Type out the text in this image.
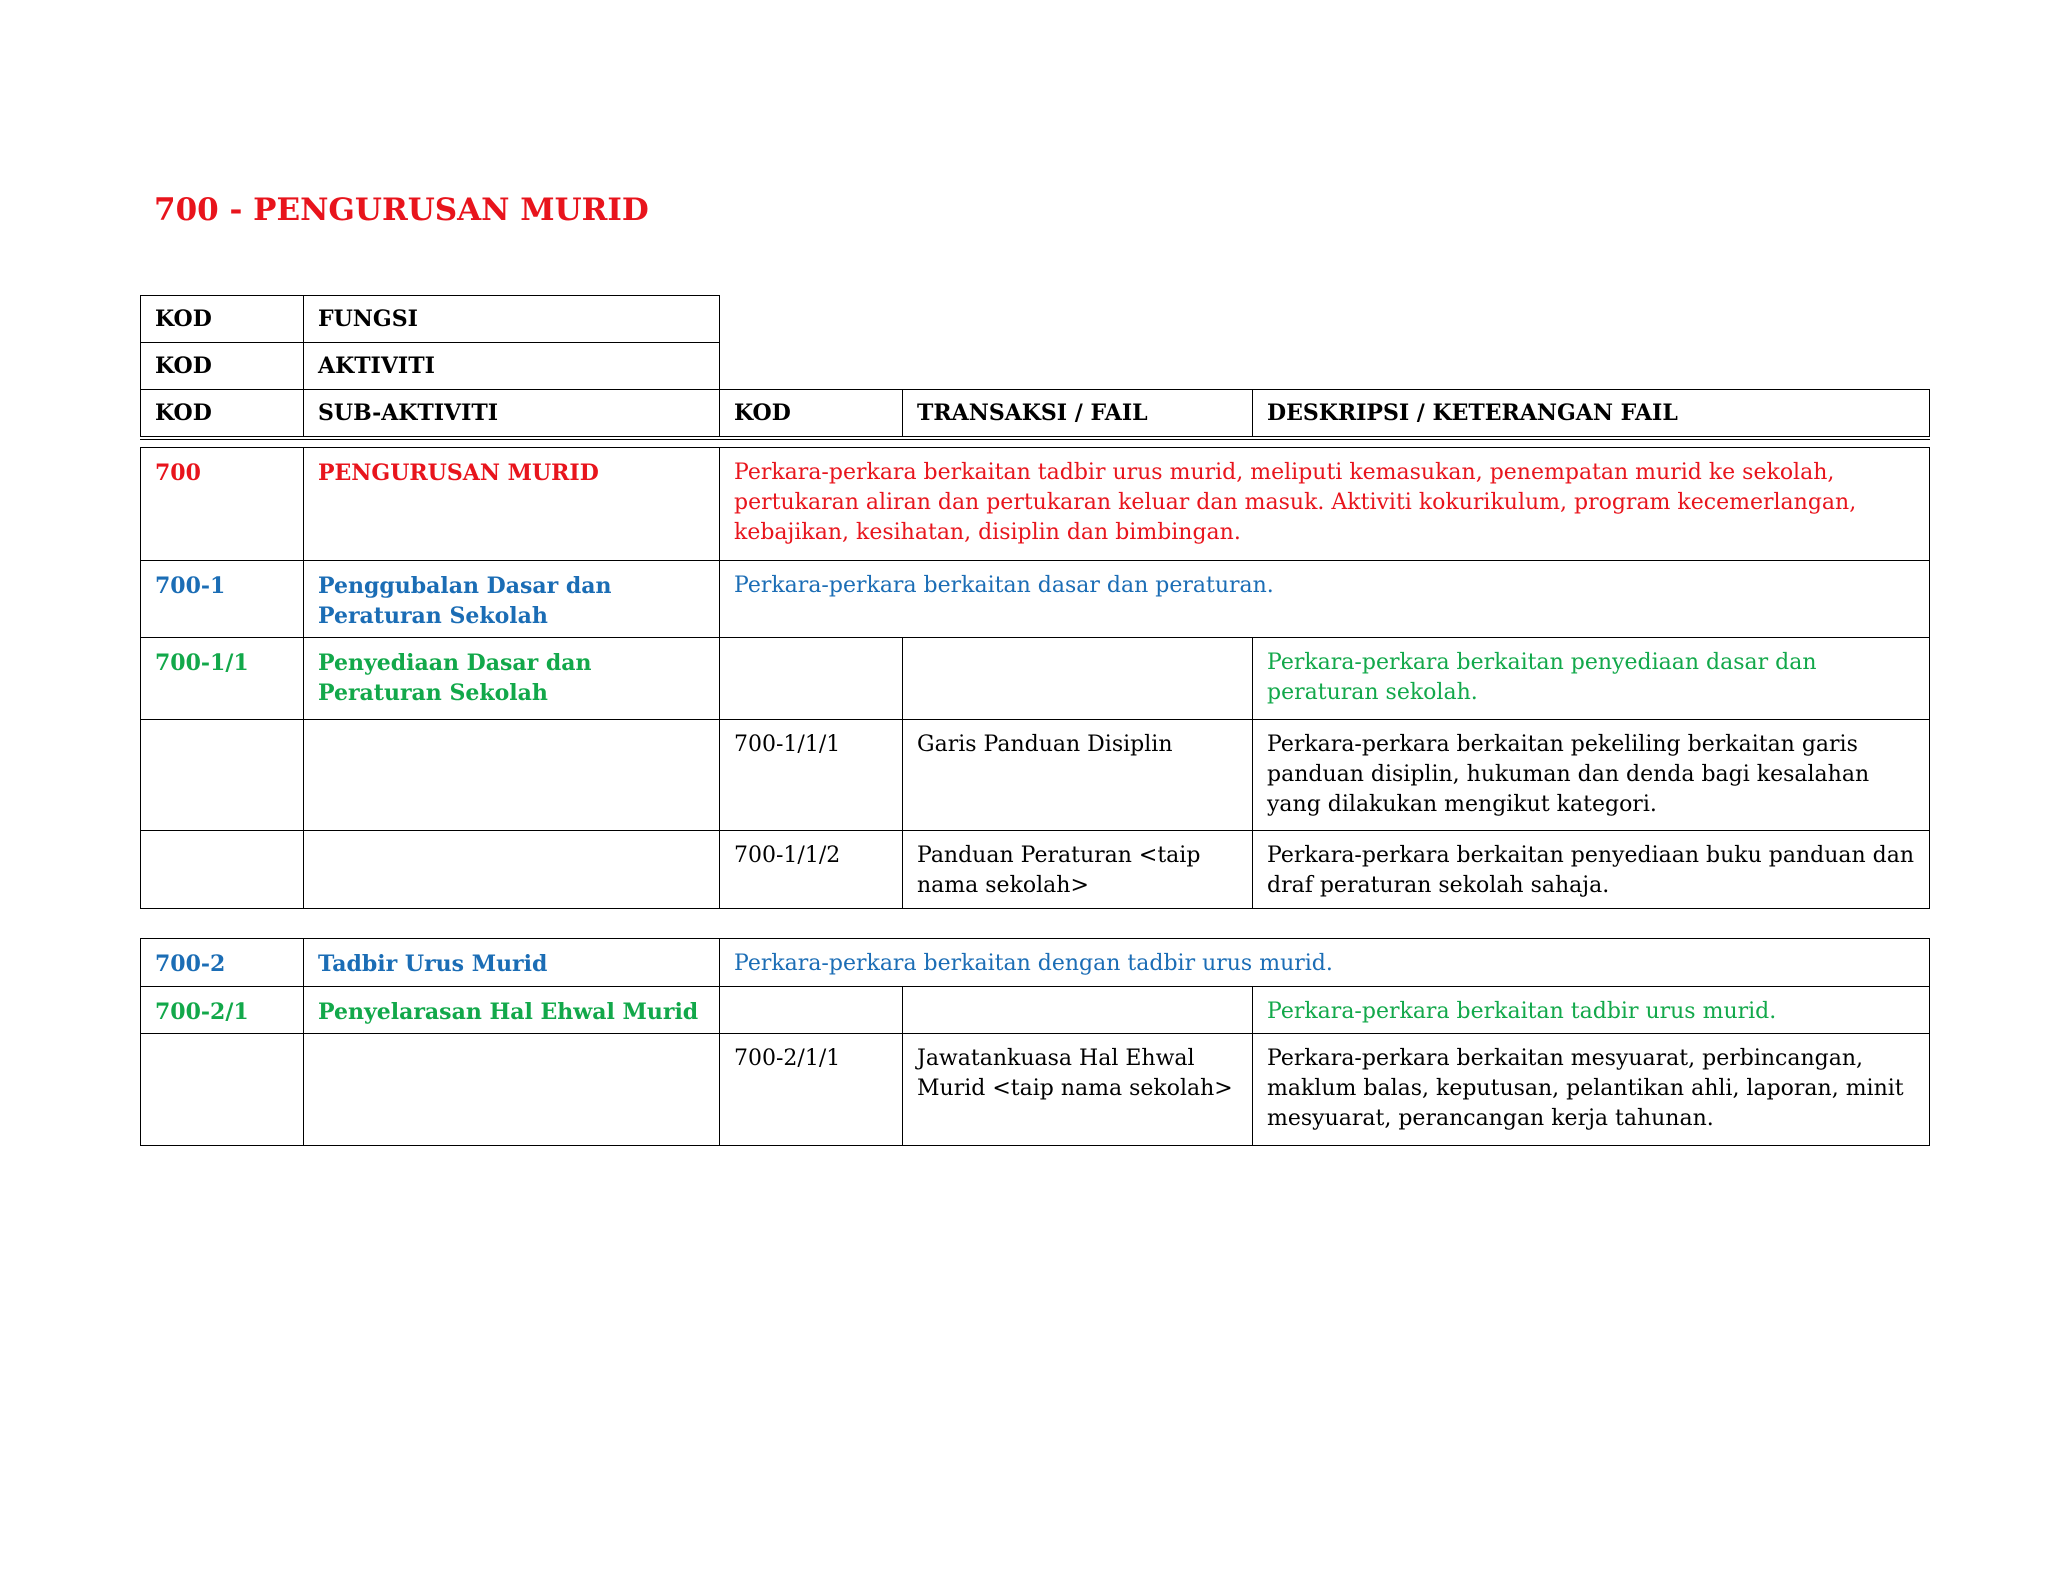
700 - PENGURUSAN MURID
KOD	FUNGSI			
KOD	AKTIVITI			
KOD	SUB-AKTIVITI	KOD	TRANSAKSI / FAIL	DESKRIPSI / KETERANGAN FAIL
700	PENGURUSAN MURID	Perkara-perkara berkaitan tadbir urus murid, meliputi kemasukan, penempatan murid ke sekolah, pertukaran aliran dan pertukaran keluar dan masuk. Aktiviti kokurikulum, program kecemerlangan, kebajikan, kesihatan, disiplin dan bimbingan.		
700-1	Penggubalan Dasar dan Peraturan Sekolah	Perkara-perkara berkaitan dasar dan peraturan.		
700-1/1	Penyediaan Dasar dan Peraturan Sekolah			Perkara-perkara berkaitan penyediaan dasar dan peraturan sekolah.
		700-1/1/1	Garis Panduan Disiplin	Perkara-perkara berkaitan pekeliling berkaitan garis panduan disiplin, hukuman dan denda bagi kesalahan yang dilakukan mengikut kategori.
		700-1/1/2	Panduan Peraturan <taip nama sekolah>	Perkara-perkara berkaitan penyediaan buku panduan dan draf peraturan sekolah sahaja.
700-2	Tadbir Urus Murid	Perkara-perkara berkaitan dengan tadbir urus murid.		
700-2/1	Penyelarasan Hal Ehwal Murid			Perkara-perkara berkaitan tadbir urus murid.
		700-2/1/1	Jawatankuasa Hal Ehwal Murid <taip nama sekolah>	Perkara-perkara berkaitan mesyuarat, perbincangan, maklum balas, keputusan, pelantikan ahli, laporan, minit mesyuarat, perancangan kerja tahunan.
